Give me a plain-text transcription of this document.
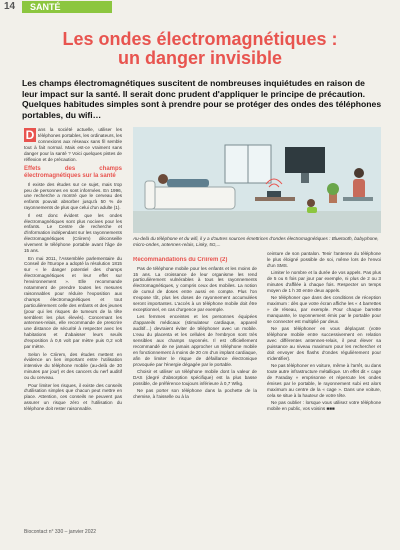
14	SANTÉ
Les ondes électromagnétiques :
un danger invisible
Les champs électromagnétiques suscitent de nombreuses inquiétudes en raison de leur impact sur la santé. Il serait donc prudent d'appliquer le principe de précaution. Quelques habitudes simples sont à prendre pour se protéger des ondes des téléphones portables, du wifi…

D ans la société actuelle, utiliser les téléphones portables, les ordinateurs, les connexions aux réseaux sans fil semble tout à fait normal. Mais est-ce vraiment sans danger pour la santé ? Voici quelques pistes de réflexion et de précaution.

Effets des champs électromagnétiques sur la santé

Il existe des études sur ce sujet, mais trop peu de personnes en sont informées. En 1996, une recherche a montré que le cerveau des enfants pouvait absorber jusqu'à 50 % de rayonnements de plus que celui d'un adulte (1).

Il est donc évident que les ondes électromagnétiques sont plus nocives pour les enfants. Le Centre de recherche et d'information indépendant sur les rayonnements électromagnétiques (Criirem) déconseille vivement le téléphone portable avant l'âge de 15 ans.

En mai 2011, l'Assemblée parlementaire du Conseil de l'Europe a adopté la résolution 1815 sur « le danger potentiel des champs électromagnétiques et leur effet sur l'environnement ». Elle recommande notamment de prendre toutes les mesures raisonnables pour réduire l'exposition aux champs électromagnétiques et tout particulièrement celle des enfants et des jeunes (pour qui les risques de tumeurs de la tête semblent les plus élevés). Concernant les antennes-relais, elle recommande de prescrire une distance de sécurité à respecter avec les habitations et d'abaisser leurs seuils d'exposition à 0,6 volt par mètre puis 0,2 volt par mètre.

Selon le Criirem, des études mettent en évidence un lien important entre l'utilisation intensive du téléphone mobile (au-delà de 30 minutes par jour) et des cancers du nerf auditif ou du cerveau.

Pour limiter les risques, il existe des conseils d'utilisation simples que chacun peut mettre en place. Attention, ces conseils ne peuvent pas assurer un risque zéro et l'utilisation du téléphone doit rester raisonnable.

Au-delà du téléphone et du wifi, il y a d'autres sources émettrices d'ondes électromagnétiques : Bluetooth, babyphone, micro-ondes, antennes-relais, Linky, 5G,...
Recommandations du Criirem (2)

Pas de téléphone mobile pour les enfants et les moins de 15 ans. La croissance de leur organisme les rend particulièrement vulnérables à tous les rayonnements électromagnétiques, y compris ceux des mobiles. La notion de cumul de doses entre aussi en compte. Plus l'on s'expose tôt, plus les doses de rayonnement accumulées seront importantes. L'accès à un téléphone mobile doit être exceptionnel, en cas d'urgence par exemple.

Les femmes enceintes et les personnes équipées d'appareils médicaux (stimulateur cardiaque, appareil auditif…) devraient éviter de téléphoner avec un mobile. L'eau du placenta et les cellules de l'embryon sont très sensibles aux champs rayonnés. Il est officiellement recommandé de ne jamais approcher un téléphone mobile en fonctionnement à moins de 20 cm d'un implant cardiaque, afin de limiter le risque de défaillance électronique provoquée par l'énergie dégagée par le portable.

Choisir et utiliser un téléphone mobile dont la valeur de DAS (degré d'absorption spécifique) est la plus basse possible, de préférence toujours inférieure à 0,7 W/kg.

Ne pas porter son téléphone dans la pochette de la chemise, à l'aisselle ou à la

ceinture de son pantalon. Tenir l'antenne du téléphone le plus éloigné possible de soi, même lors de l'envoi d'un SMS.

Limiter le nombre et la durée de vos appels. Pas plus de 5 ou 6 fois par jour par exemple, ni plus de 2 ou 3 minutes d'affilée à chaque fois. Respecter un temps moyen de 1 h 30 entre deux appels.

Ne téléphoner que dans des conditions de réception maximum : dès que votre écran affiche les « 4 barrettes » de réseau, par exemple. Pour chaque barrette manquante, le rayonnement émis par le portable pour se connecter est multiplié par deux.

Ne pas téléphoner en vous déplaçant (votre téléphone mobile entre successivement en relation avec différentes antennes-relais, il peut élever sa puissance au niveau maximum pour les rechercher et doit envoyer des flashs d'ondes régulièrement pour s'identifier).

Ne pas téléphoner en voiture, même à l'arrêt, ou dans toute autre infrastructure métallique. Un effet dit « cage de Faraday » emprisonne et répercute les ondes émises par le portable, le rayonnement subi est alors maximum au centre de la « cage ». Dans une voiture, cela se situe à la hauteur de votre tête.

Ne pas oublier : lorsque vous utilisez votre téléphone mobile en public, vos voisins ■■■

Biocontact n° 330 – janvier 2022
